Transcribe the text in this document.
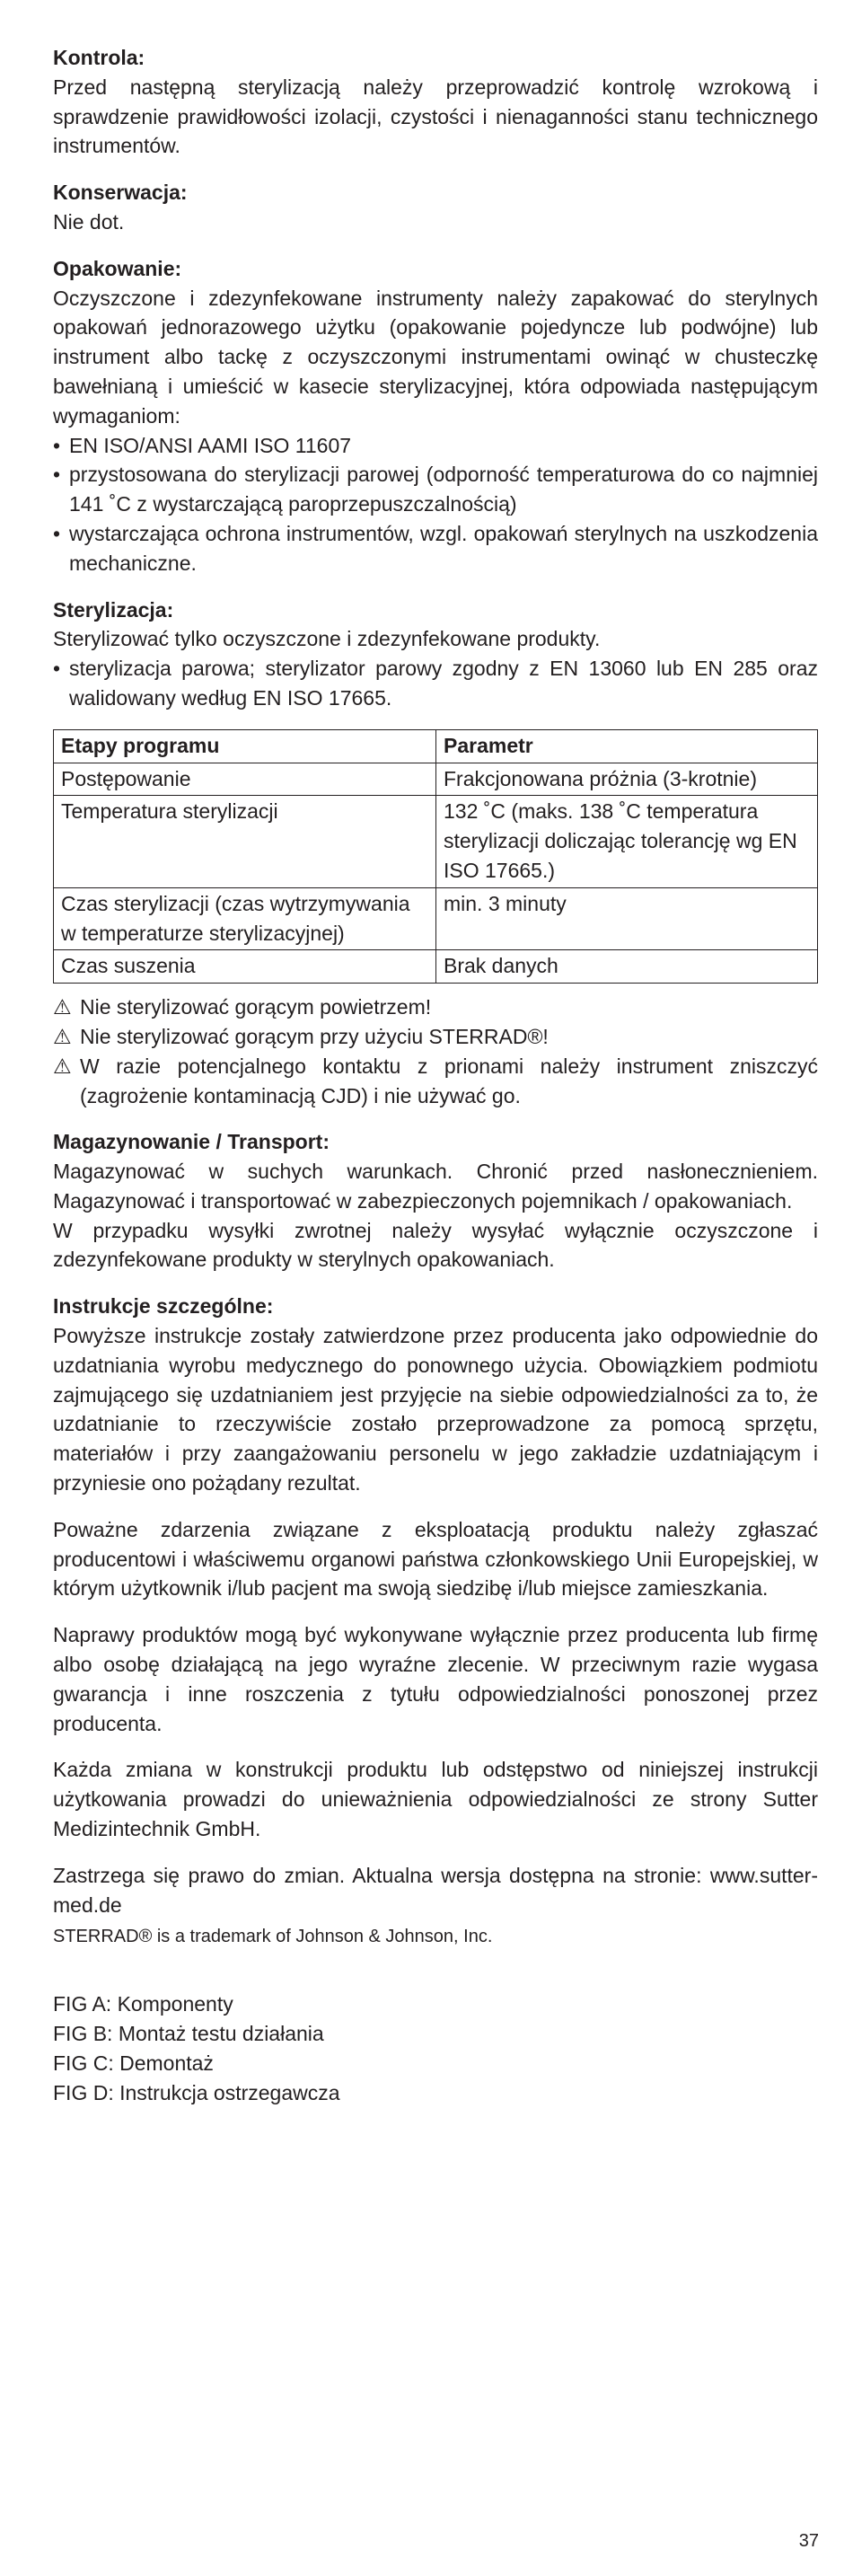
Kontrola:

Przed następną sterylizacją należy przeprowadzić kontrolę wzrokową i sprawdzenie prawidłowości izolacji, czystości i nienaganności stanu technicznego instrumentów.

Konserwacja:

Nie dot.

Opakowanie:

Oczyszczone i zdezynfekowane instrumenty należy zapakować do sterylnych opakowań jednorazowego użytku (opakowanie pojedyncze lub podwójne) lub instrument albo tackę z oczyszczonymi instrumentami owinąć w chusteczkę bawełnianą i umieścić w kasecie sterylizacyjnej, która odpowiada następującym wymaganiom:

• EN ISO/ANSI AAMI ISO 11607
• przystosowana do sterylizacji parowej (odporność temperaturowa do co najmniej 141 ˚C z wystarczającą paroprzepuszczalnością)
• wystarczająca ochrona instrumentów, wzgl. opakowań sterylnych na uszkodzenia mechaniczne.
Sterylizacja:

Sterylizować tylko oczyszczone i zdezynfekowane produkty.

• sterylizacja parowa; sterylizator parowy zgodny z EN 13060 lub EN 285 oraz walidowany według EN ISO 17665.
Etapy programu	Parametr
Postępowanie	Frakcjonowana próżnia (3-krotnie)
Temperatura sterylizacji	132 ˚C (maks. 138 ˚C temperatura sterylizacji doliczając tolerancję wg EN ISO 17665.)
Czas sterylizacji (czas wytrzymywania w temperaturze sterylizacyjnej)	min. 3 minuty
Czas suszenia	Brak danych
⚠ Nie sterylizować gorącym powietrzem!
⚠ Nie sterylizować gorącym przy użyciu STERRAD®!
⚠ W razie potencjalnego kontaktu z prionami należy instrument zniszczyć (zagrożenie kontaminacją CJD) i nie używać go.
Magazynowanie / Transport:

Magazynować w suchych warunkach. Chronić przed nasłonecznieniem. Magazynować i transportować w zabezpieczonych pojemnikach / opakowaniach.

W przypadku wysyłki zwrotnej należy wysyłać wyłącznie oczyszczone i zdezynfekowane produkty w sterylnych opakowaniach.

Instrukcje szczególne:

Powyższe instrukcje zostały zatwierdzone przez producenta jako odpowiednie do uzdatniania wyrobu medycznego do ponownego użycia. Obowiązkiem podmiotu zajmującego się uzdatnianiem jest przyjęcie na siebie odpowiedzialności za to, że uzdatnianie to rzeczywiście zostało przeprowadzone za pomocą sprzętu, materiałów i przy zaangażowaniu personelu w jego zakładzie uzdatniającym i przyniesie ono pożądany rezultat.

Poważne zdarzenia związane z eksploatacją produktu należy zgłaszać producentowi i właściwemu organowi państwa członkowskiego Unii Europejskiej, w którym użytkownik i/lub pacjent ma swoją siedzibę i/lub miejsce zamieszkania.

Naprawy produktów mogą być wykonywane wyłącznie przez producenta lub firmę albo osobę działającą na jego wyraźne zlecenie. W przeciwnym razie wygasa gwarancja i inne roszczenia z tytułu odpowiedzialności ponoszonej przez producenta.

Każda zmiana w konstrukcji produktu lub odstępstwo od niniejszej instrukcji użytkowania prowadzi do unieważnienia odpowiedzialności ze strony Sutter Medizintechnik GmbH.

Zastrzega się prawo do zmian. Aktualna wersja dostępna na stronie: www.sutter-med.de

STERRAD® is a trademark of Johnson & Johnson, Inc.
FIG A: Komponenty
FIG B: Montaż testu działania
FIG C: Demontaż
FIG D: Instrukcja ostrzegawcza
37
